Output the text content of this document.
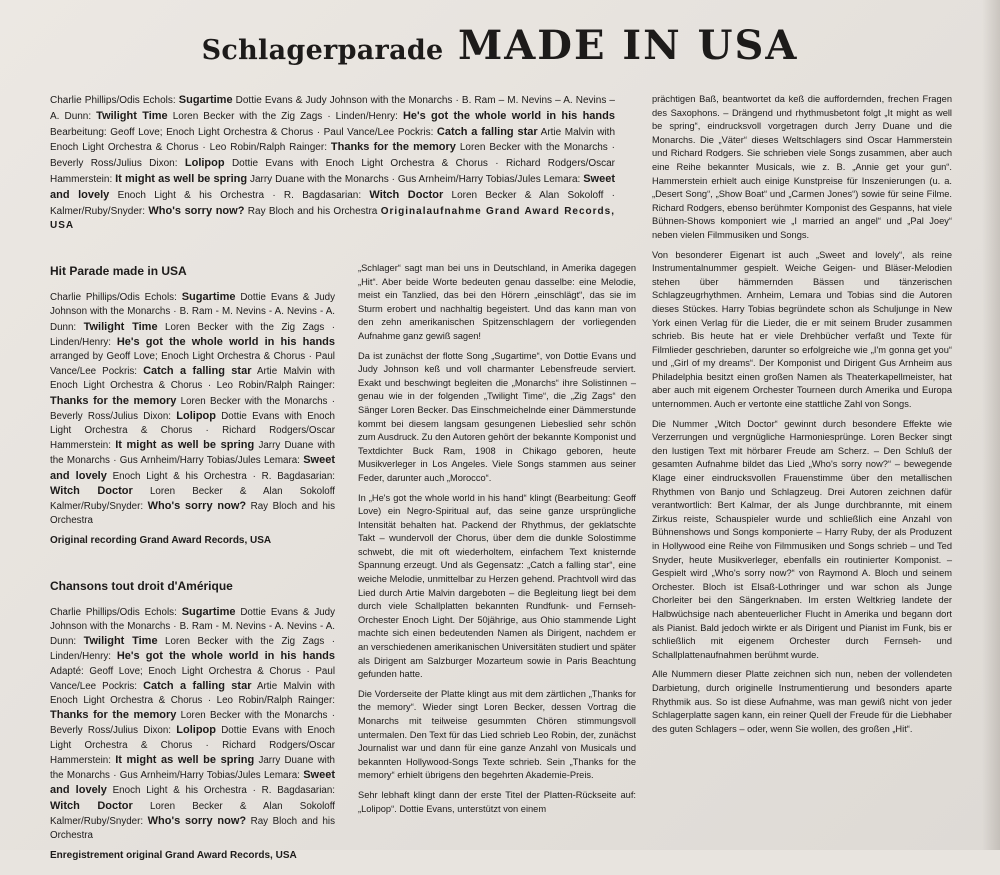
Schlagerparade MADE IN USA
Charlie Phillips/Odis Echols: Sugartime Dottie Evans & Judy Johnson with the Monarchs · B. Ram – M. Nevins – A. Nevins – A. Dunn: Twilight Time Loren Becker with the Zig Zags · Linden/Henry: He's got the whole world in his hands Bearbeitung: Geoff Love; Enoch Light Orchestra & Chorus · Paul Vance/Lee Pockris: Catch a falling star Artie Malvin with Enoch Light Orchestra & Chorus · Leo Robin/Ralph Rainger: Thanks for the memory Loren Becker with the Monarchs · Beverly Ross/Julius Dixon: Lolipop Dottie Evans with Enoch Light Orchestra & Chorus · Richard Rodgers/Oscar Hammerstein: It might as well be spring Jarry Duane with the Monarchs · Gus Arnheim/Harry Tobias/Jules Lemara: Sweet and lovely Enoch Light & his Orchestra · R. Bagdasarian: Witch Doctor Loren Becker & Alan Sokoloff · Kalmer/Ruby/Snyder: Who's sorry now? Ray Bloch and his Orchestra Originalaufnahme Grand Award Records, USA
Hit Parade made in USA
Charlie Phillips/Odis Echols: Sugartime Dottie Evans & Judy Johnson with the Monarchs · B. Ram - M. Nevins - A. Nevins - A. Dunn: Twilight Time Loren Becker with the Zig Zags · Linden/Henry: He's got the whole world in his hands arranged by Geoff Love; Enoch Light Orchestra & Chorus · Paul Vance/Lee Pockris: Catch a falling star Artie Malvin with Enoch Light Orchestra & Chorus · Leo Robin/Ralph Rainger: Thanks for the memory Loren Becker with the Monarchs · Beverly Ross/Julius Dixon: Lolipop Dottie Evans with Enoch Light Orchestra & Chorus · Richard Rodgers/Oscar Hammerstein: It might as well be spring Jarry Duane with the Monarchs · Gus Arnheim/Harry Tobias/Jules Lemara: Sweet and lovely Enoch Light & his Orchestra · R. Bagdasarian: Witch Doctor Loren Becker & Alan Sokoloff Kalmer/Ruby/Snyder: Who's sorry now? Ray Bloch and his Orchestra
Original recording Grand Award Records, USA
Chansons tout droit d'Amérique
Charlie Phillips/Odis Echols: Sugartime Dottie Evans & Judy Johnson with the Monarchs · B. Ram - M. Nevins - A. Nevins - A. Dunn: Twilight Time Loren Becker with the Zig Zags · Linden/Henry: He's got the whole world in his hands Adapté: Geoff Love; Enoch Light Orchestra & Chorus · Paul Vance/Lee Pockris: Catch a falling star Artie Malvin with Enoch Light Orchestra & Chorus · Leo Robin/Ralph Rainger: Thanks for the memory Loren Becker with the Monarchs · Beverly Ross/Julius Dixon: Lolipop Dottie Evans with Enoch Light Orchestra & Chorus · Richard Rodgers/Oscar Hammerstein: It might as well be spring Jarry Duane with the Monarchs · Gus Arnheim/Harry Tobias/Jules Lemara: Sweet and lovely Enoch Light & his Orchestra · R. Bagdasarian: Witch Doctor Loren Becker & Alan Sokoloff Kalmer/Ruby/Snyder: Who's sorry now? Ray Bloch and his Orchestra
Enregistrement original Grand Award Records, USA

„Schlager“ sagt man bei uns in Deutschland, in Amerika dagegen „Hit“. Aber beide Worte bedeuten genau dasselbe: eine Melodie, meist ein Tanzlied, das bei den Hörern „einschlägt“, das sie im Sturm erobert und nachhaltig begeistert. Und das kann man von den zehn amerikanischen Spitzenschlagern der vorliegenden Aufnahme ganz gewiß sagen!

Da ist zunächst der flotte Song „Sugartime“, von Dottie Evans und Judy Johnson keß und voll charmanter Lebensfreude serviert. Exakt und beschwingt begleiten die „Monarchs“ ihre Solistinnen – genau wie in der folgenden „Twilight Time“, die „Zig Zags“ den Sänger Loren Becker. Das Einschmeichelnde einer Dämmerstunde kommt bei diesem langsam gesungenen Liebeslied sehr schön zum Ausdruck. Zu den Autoren gehört der bekannte Komponist und Textdichter Buck Ram, 1908 in Chikago geboren, heute Musikverleger in Los Angeles. Viele Songs stammen aus seiner Feder, darunter auch „Morocco“.

In „He's got the whole world in his hand“ klingt (Bearbeitung: Geoff Love) ein Negro-Spiritual auf, das seine ganze ursprüngliche Intensität behalten hat. Packend der Rhythmus, der geklatschte Takt – wundervoll der Chorus, über dem die dunkle Solostimme schwebt, die mit oft wiederholtem, einfachem Text knisternde Spannung erzeugt. Und als Gegensatz: „Catch a falling star“, eine weiche Melodie, unmittelbar zu Herzen gehend. Prachtvoll wird das Lied durch Artie Malvin dargeboten – die Begleitung liegt bei dem durch viele Schallplatten bekannten Rundfunk- und Fernseh-Orchester Enoch Light. Der 50jährige, aus Ohio stammende Light machte sich einen bedeutenden Namen als Dirigent, nachdem er an verschiedenen amerikanischen Universitäten studiert und später als Dirigent am Salzburger Mozarteum sowie in Paris Beachtung gefunden hatte.

Die Vorderseite der Platte klingt aus mit dem zärtlichen „Thanks for the memory“. Wieder singt Loren Becker, dessen Vortrag die Monarchs mit teilweise gesummten Chören stimmungsvoll untermalen. Den Text für das Lied schrieb Leo Robin, der, zunächst Journalist war und dann für eine ganze Anzahl von Musicals und bekannten Hollywood-Songs Texte schrieb. Sein „Thanks for the memory“ erhielt übrigens den begehrten Akademie-Preis.

Sehr lebhaft klingt dann der erste Titel der Platten-Rückseite auf: „Lolipop“. Dottie Evans, unterstützt von einem

prächtigen Baß, beantwortet da keß die auffordernden, frechen Fragen des Saxophons. – Drängend und rhythmusbetont folgt „It might as well be spring“, eindrucksvoll vorgetragen durch Jerry Duane und die Monarchs. Die „Väter“ dieses Weltschlagers sind Oscar Hammerstein und Richard Rodgers. Sie schrieben viele Songs zusammen, aber auch eine Reihe bekannter Musicals, wie z. B. „Annie get your gun“. Hammerstein erhielt auch einige Kunstpreise für Inszenierungen (u. a. „Desert Song“, „Show Boat“ und „Carmen Jones“) sowie für seine Filme. Richard Rodgers, ebenso berühmter Komponist des Gespanns, hat viele Bühnen-Shows komponiert wie „I married an angel“ und „Pal Joey“ neben vielen Filmmusiken und Songs.

Von besonderer Eigenart ist auch „Sweet and lovely“, als reine Instrumentalnummer gespielt. Weiche Geigen- und Bläser-Melodien stehen über hämmernden Bässen und tänzerischen Schlagzeugrhythmen. Arnheim, Lemara und Tobias sind die Autoren dieses Stückes. Harry Tobias begründete schon als Schuljunge in New York einen Verlag für die Lieder, die er mit seinem Bruder zusammen schrieb. Bis heute hat er viele Drehbücher verfaßt und Texte für Filmlieder geschrieben, darunter so erfolgreiche wie „I'm gonna get you“ und „Girl of my dreams“. Der Komponist und Dirigent Gus Arnheim aus Philadelphia besitzt einen großen Namen als Theaterkapellmeister, hat aber auch mit eigenem Orchester Tourneen durch Amerika und Europa unternommen. Auch er vertonte eine stattliche Zahl von Songs.

Die Nummer „Witch Doctor“ gewinnt durch besondere Effekte wie Verzerrungen und vergnügliche Harmoniesprünge. Loren Becker singt den lustigen Text mit hörbarer Freude am Scherz. – Den Schluß der gesamten Aufnahme bildet das Lied „Who's sorry now?“ – bewegende Klage einer eindrucksvollen Frauenstimme über den metallischen Rhythmen von Banjo und Schlagzeug. Drei Autoren zeichnen dafür verantwortlich: Bert Kalmar, der als Junge durchbrannte, mit einem Zirkus reiste, Schauspieler wurde und schließlich eine Anzahl von Bühnenshows und Songs komponierte – Harry Ruby, der als Produzent in Hollywood eine Reihe von Filmmusiken und Songs schrieb – und Ted Snyder, heute Musikverleger, ebenfalls ein routinierter Komponist. – Gespielt wird „Who's sorry now?“ von Raymond A. Bloch und seinem Orchester. Bloch ist Elsaß-Lothringer und war schon als Junge Chorleiter bei den Sängerknaben. Im ersten Weltkrieg landete der Halbwüchsige nach abenteuerlicher Flucht in Amerika und begann dort als Pianist. Bald jedoch wirkte er als Dirigent und Pianist im Funk, bis er schließlich mit eigenem Orchester durch Fernseh- und Schallplattenaufnahmen berühmt wurde.

Alle Nummern dieser Platte zeichnen sich nun, neben der vollendeten Darbietung, durch originelle Instrumentierung und besonders aparte Rhythmik aus. So ist diese Aufnahme, was man gewiß nicht von jeder Schlagerplatte sagen kann, ein reiner Quell der Freude für die Liebhaber des guten Schlagers – oder, wenn Sie wollen, des großen „Hit“.
